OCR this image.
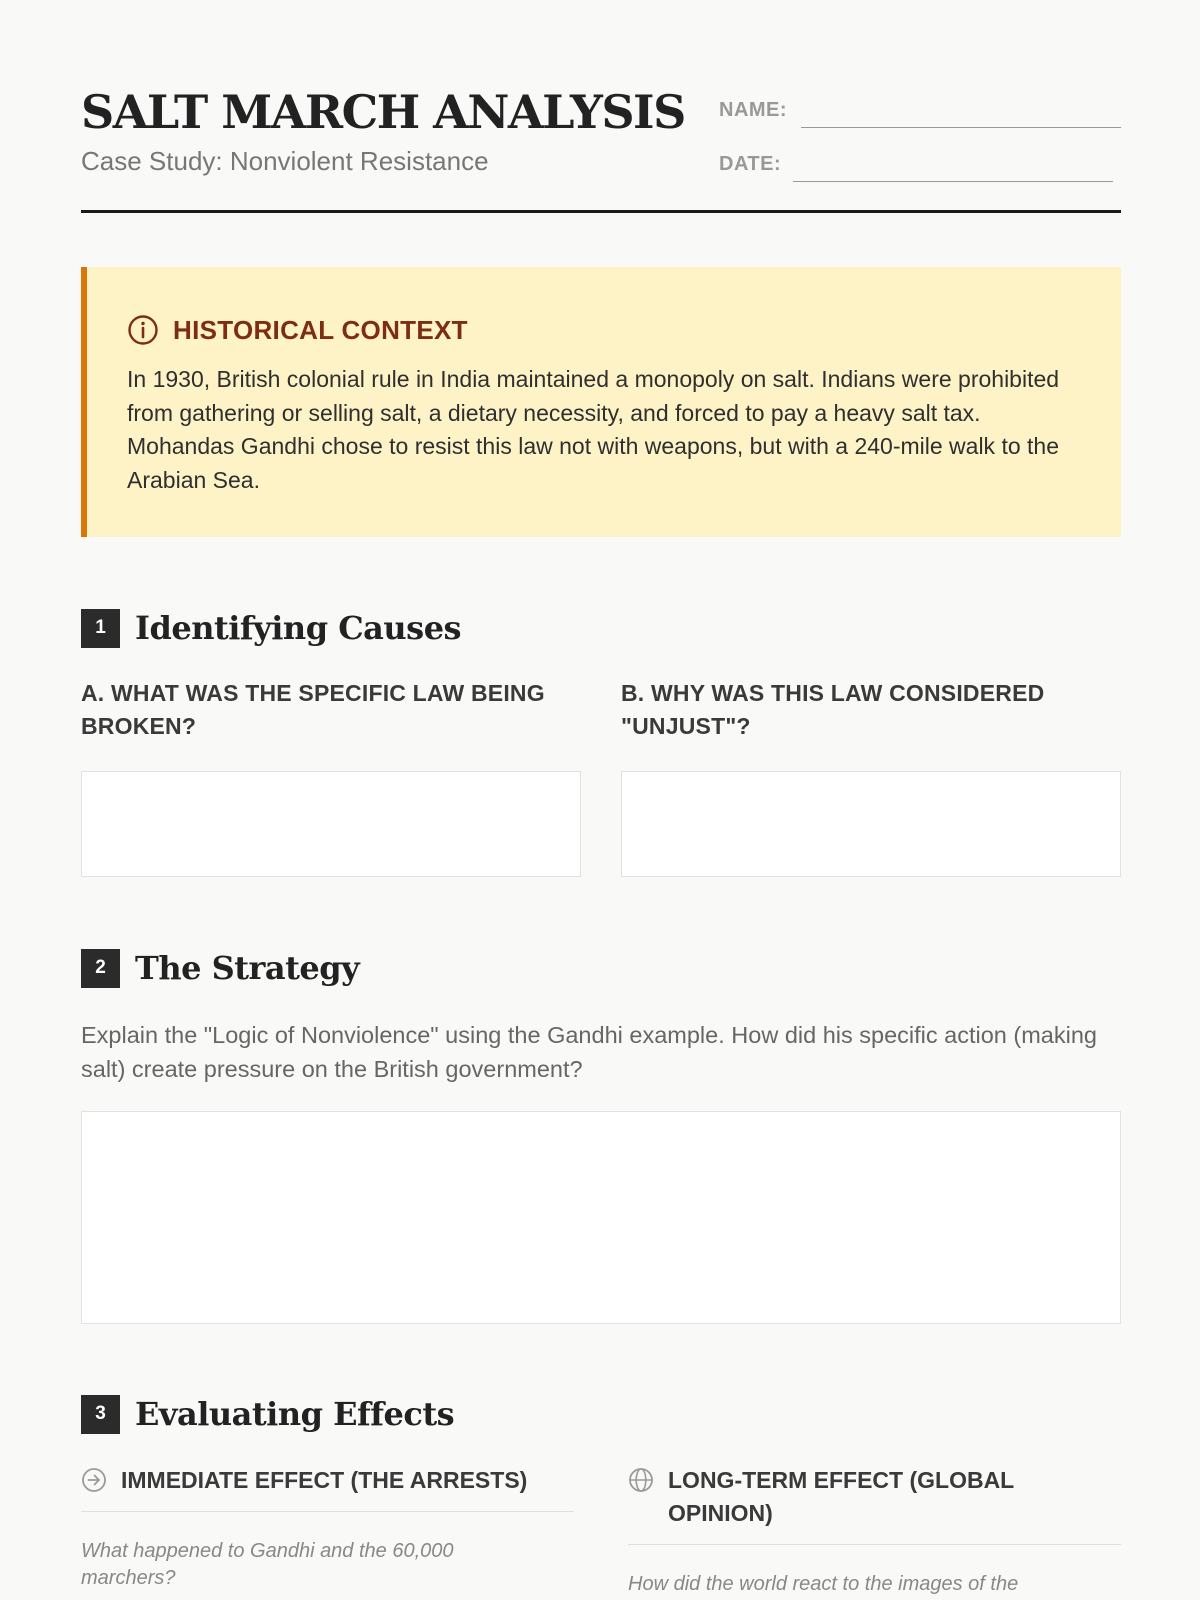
SALT MARCH ANALYSIS
Case Study: Nonviolent Resistance
NAME:
DATE:
HISTORICAL CONTEXT
In 1930, British colonial rule in India maintained a monopoly on salt. Indians were prohibited from gathering or selling salt, a dietary necessity, and forced to pay a heavy salt tax. Mohandas Gandhi chose to resist this law not with weapons, but with a 240-mile walk to the Arabian Sea.
1 Identifying Causes
A. WHAT WAS THE SPECIFIC LAW BEING BROKEN?
B. WHY WAS THIS LAW CONSIDERED "UNJUST"?
2 The Strategy
Explain the "Logic of Nonviolence" using the Gandhi example. How did his specific action (making salt) create pressure on the British government?
3 Evaluating Effects
IMMEDIATE EFFECT (THE ARRESTS)
What happened to Gandhi and the 60,000 marchers?
LONG-TERM EFFECT (GLOBAL OPINION)
How did the world react to the images of the
